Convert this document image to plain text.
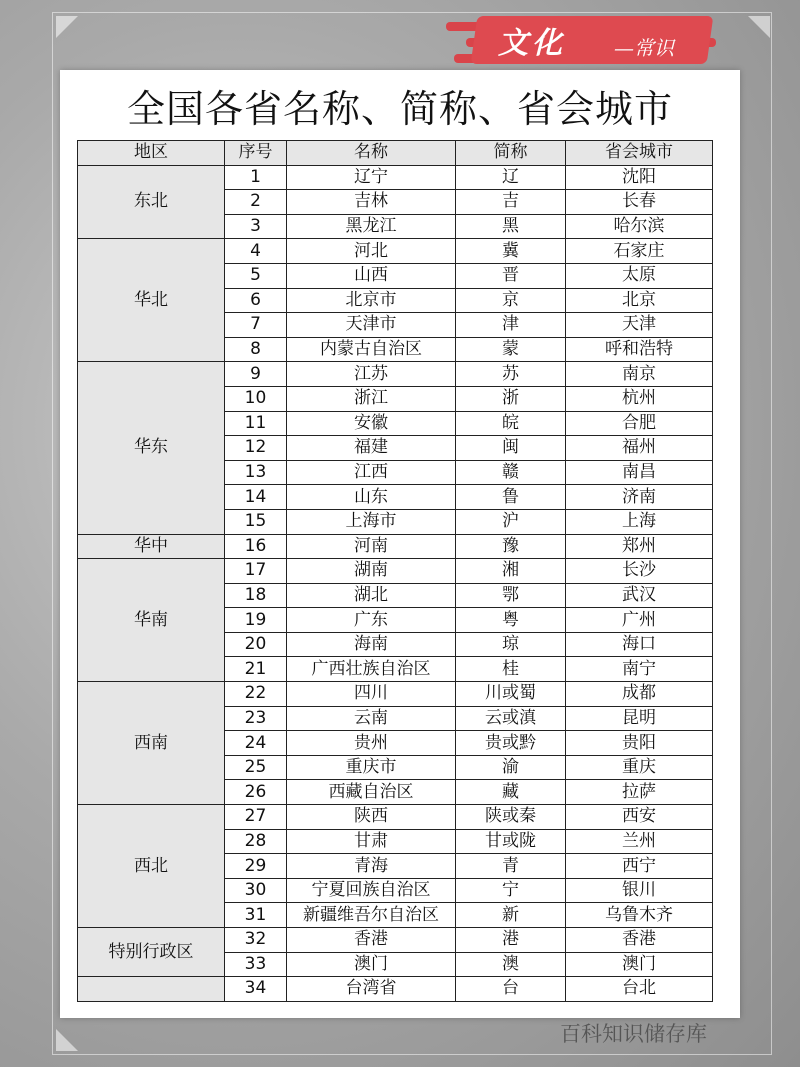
文化 —常识
全国各省名称、简称、省会城市
地区	序号	名称	简称	省会城市
东北	1	辽宁	辽	沈阳
	2	吉林	吉	长春
	3	黑龙江	黑	哈尔滨
华北	4	河北	冀	石家庄
	5	山西	晋	太原
	6	北京市	京	北京
	7	天津市	津	天津
	8	内蒙古自治区	蒙	呼和浩特
华东	9	江苏	苏	南京
	10	浙江	浙	杭州
	11	安徽	皖	合肥
	12	福建	闽	福州
	13	江西	赣	南昌
	14	山东	鲁	济南
	15	上海市	沪	上海
华中	16	河南	豫	郑州
华南	17	湖南	湘	长沙
	18	湖北	鄂	武汉
	19	广东	粤	广州
	20	海南	琼	海口
	21	广西壮族自治区	桂	南宁
西南	22	四川	川或蜀	成都
	23	云南	云或滇	昆明
	24	贵州	贵或黔	贵阳
	25	重庆市	渝	重庆
	26	西藏自治区	藏	拉萨
西北	27	陕西	陕或秦	西安
	28	甘肃	甘或陇	兰州
	29	青海	青	西宁
	30	宁夏回族自治区	宁	银川
	31	新疆维吾尔自治区	新	乌鲁木齐
特别行政区	32	香港	港	香港
	33	澳门	澳	澳门
	34	台湾省	台	台北
百科知识储存库
